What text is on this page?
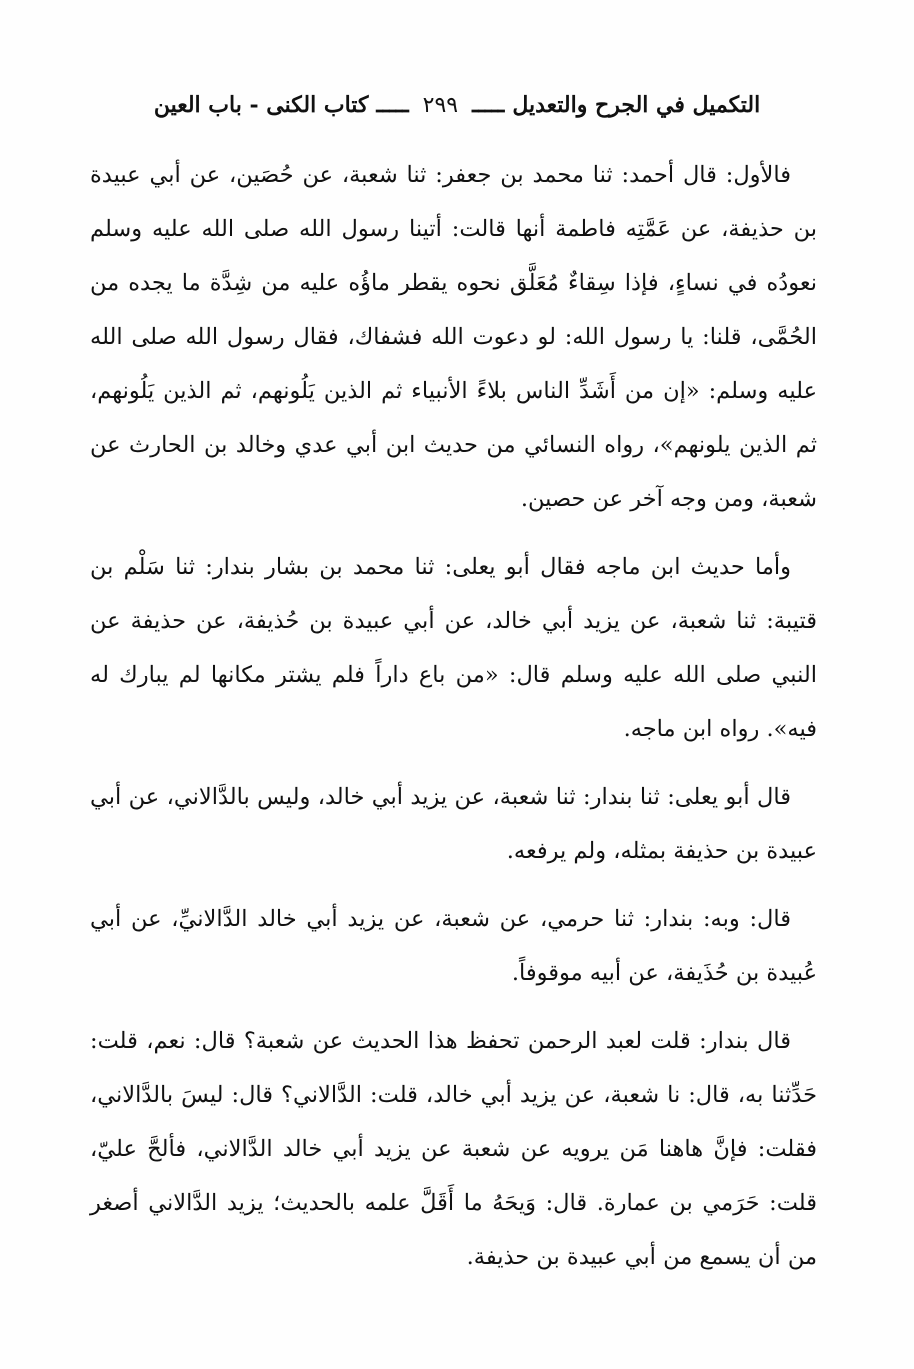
التكميل في الجرح والتعديل
ـــــ
٢٩٩
ـــــ
كتاب الكنى - باب العين

فالأول: قال أحمد: ثنا محمد بن جعفر: ثنا شعبة، عن حُصَين، عن أبي عبيدة بن حذيفة، عن عَمَّتِه فاطمة أنها قالت: أتينا رسول الله صلى الله عليه وسلم نعودُه في نساءٍ، فإذا سِقاءٌ مُعَلَّق نحوه يقطر ماؤُه عليه من شِدَّة ما يجده من الحُمَّى، قلنا: يا رسول الله: لو دعوت الله فشفاك، فقال رسول الله صلى الله عليه وسلم: «إن من أَشَدِّ الناس بلاءً الأنبياء ثم الذين يَلُونهم، ثم الذين يَلُونهم، ثم الذين يلونهم»، رواه النسائي من حديث ابن أبي عدي وخالد بن الحارث عن شعبة، ومن وجه آخر عن حصين.

وأما حديث ابن ماجه فقال أبو يعلى: ثنا محمد بن بشار بندار: ثنا سَلْم بن قتيبة: ثنا شعبة، عن يزيد أبي خالد، عن أبي عبيدة بن حُذيفة، عن حذيفة عن النبي صلى الله عليه وسلم قال: «من باع داراً فلم يشتر مكانها لم يبارك له فيه». رواه ابن ماجه.

قال أبو يعلى: ثنا بندار: ثنا شعبة، عن يزيد أبي خالد، وليس بالدَّالاني، عن أبي عبيدة بن حذيفة بمثله، ولم يرفعه.

قال: وبه: بندار: ثنا حرمي، عن شعبة، عن يزيد أبي خالد الدَّالانيِّ، عن أبي عُبيدة بن حُذَيفة، عن أبيه موقوفاً.

قال بندار: قلت لعبد الرحمن تحفظ هذا الحديث عن شعبة؟ قال: نعم، قلت: حَدِّثنا به، قال: نا شعبة، عن يزيد أبي خالد، قلت: الدَّالاني؟ قال: ليسَ بالدَّالاني، فقلت: فإنَّ هاهنا مَن يرويه عن شعبة عن يزيد أبي خالد الدَّالاني، فألحَّ عليّ، قلت: حَرَمي بن عمارة. قال: وَيحَهُ ما أَقَلَّ علمه بالحديث؛ يزيد الدَّالاني أصغر من أن يسمع من أبي عبيدة بن حذيفة.
